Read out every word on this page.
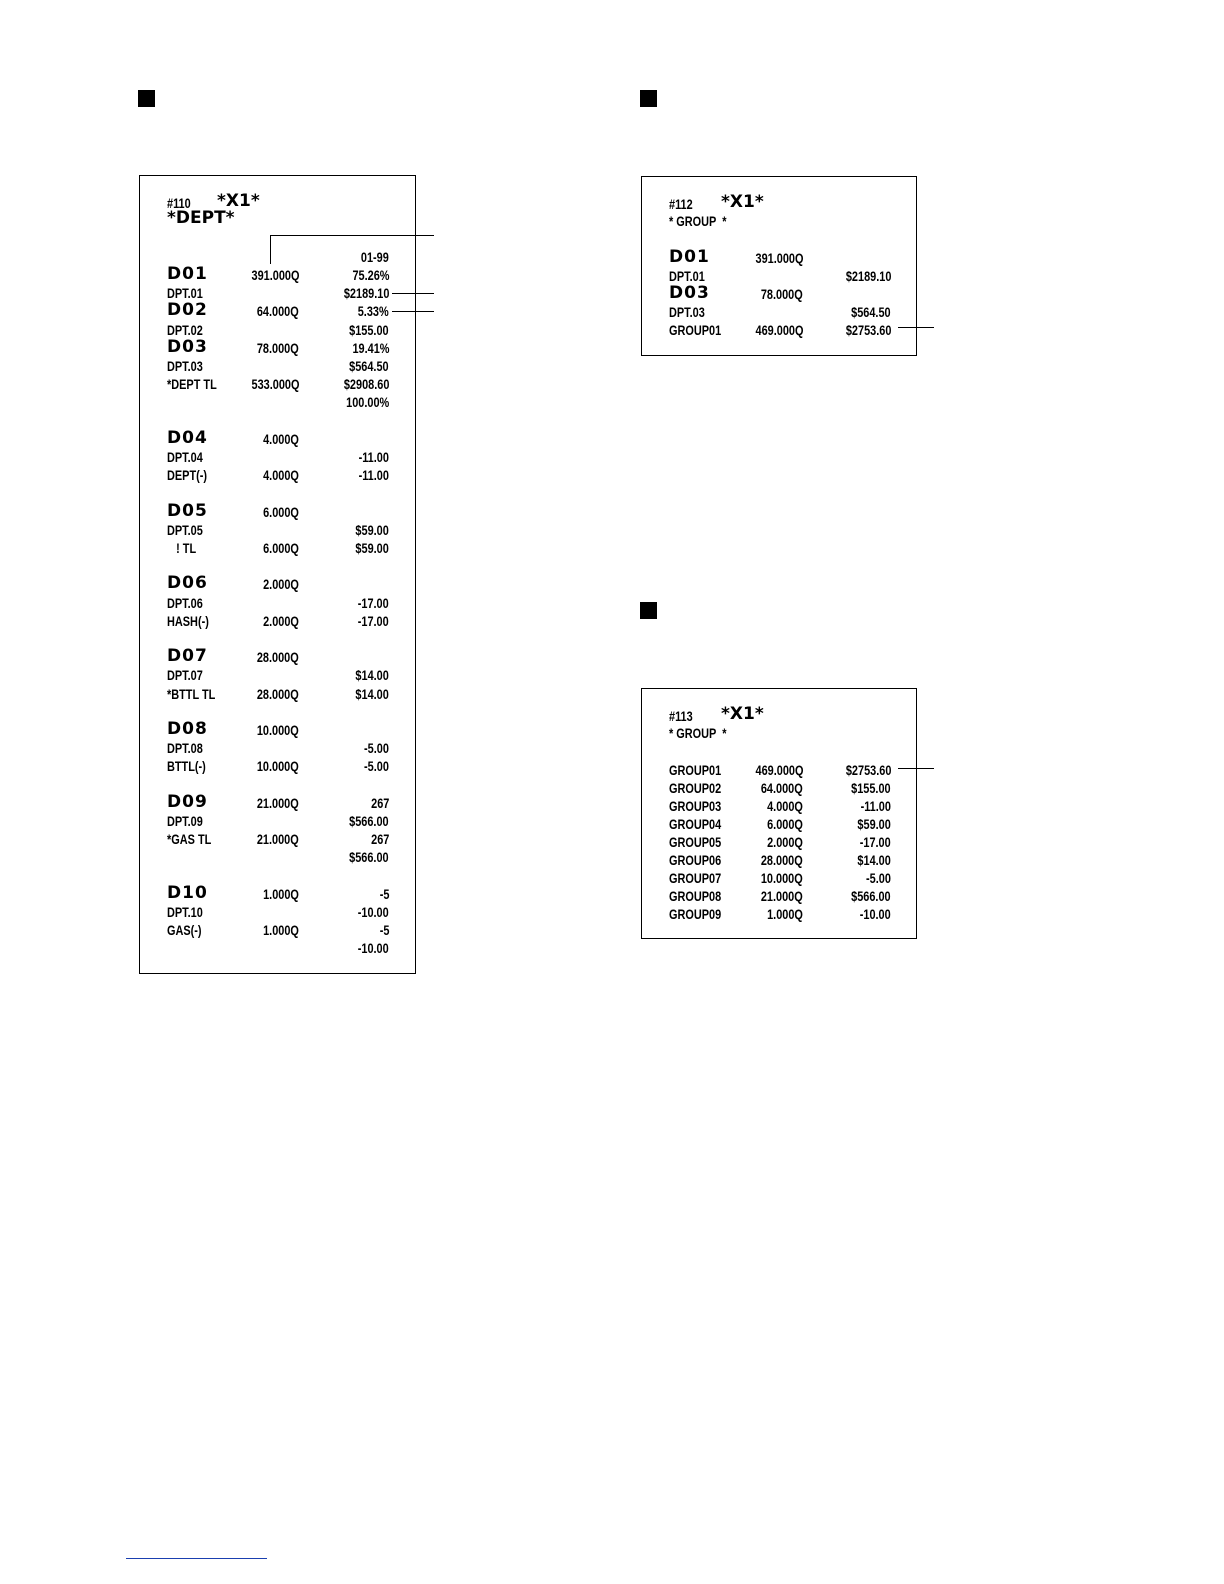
#110

*X1*

*DEPT*

01-99

D01	391.000Q	75.26%
DPT.01	$2189.10
D02	64.000Q	5.33%
DPT.02	$155.00
D03	78.000Q	19.41%
DPT.03	$564.50
*DEPT TL 533.000Q	$2908.60
100.00%
D04	4.000Q
DPT.04	-11.00
DEPT(-)	4.000Q	-11.00
D05	6.000Q
DPT.05	$59.00
! TL	6.000Q	$59.00
D06	2.000Q
DPT.06	-17.00
HASH(-)	2.000Q	-17.00
D07	28.000Q
DPT.07	$14.00
*BTTL TL	28.000Q	$14.00
D08	10.000Q
DPT.08	-5.00
BTTL(-)	10.000Q	-5.00
D09	21.000Q	267
DPT.09	$566.00
*GAS TL	21.000Q	267
$566.00
D10	1.000Q	-5
DPT.10	-10.00
GAS(-)	1.000Q	-5
-10.00

#112

*X1*

* GROUP  *

D01	391.000Q
DPT.01	$2189.10
D03	78.000Q
DPT.03	$564.50
GROUP01 469.000Q	$2753.60

#113

*X1*

* GROUP  *

GROUP01 469.000Q	$2753.60
GROUP02	64.000Q	$155.00
GROUP03	4.000Q	-11.00
GROUP04	6.000Q	$59.00
GROUP05	2.000Q	-17.00
GROUP06	28.000Q	$14.00
GROUP07	10.000Q	-5.00
GROUP08	21.000Q	$566.00
GROUP09	1.000Q	-10.00
